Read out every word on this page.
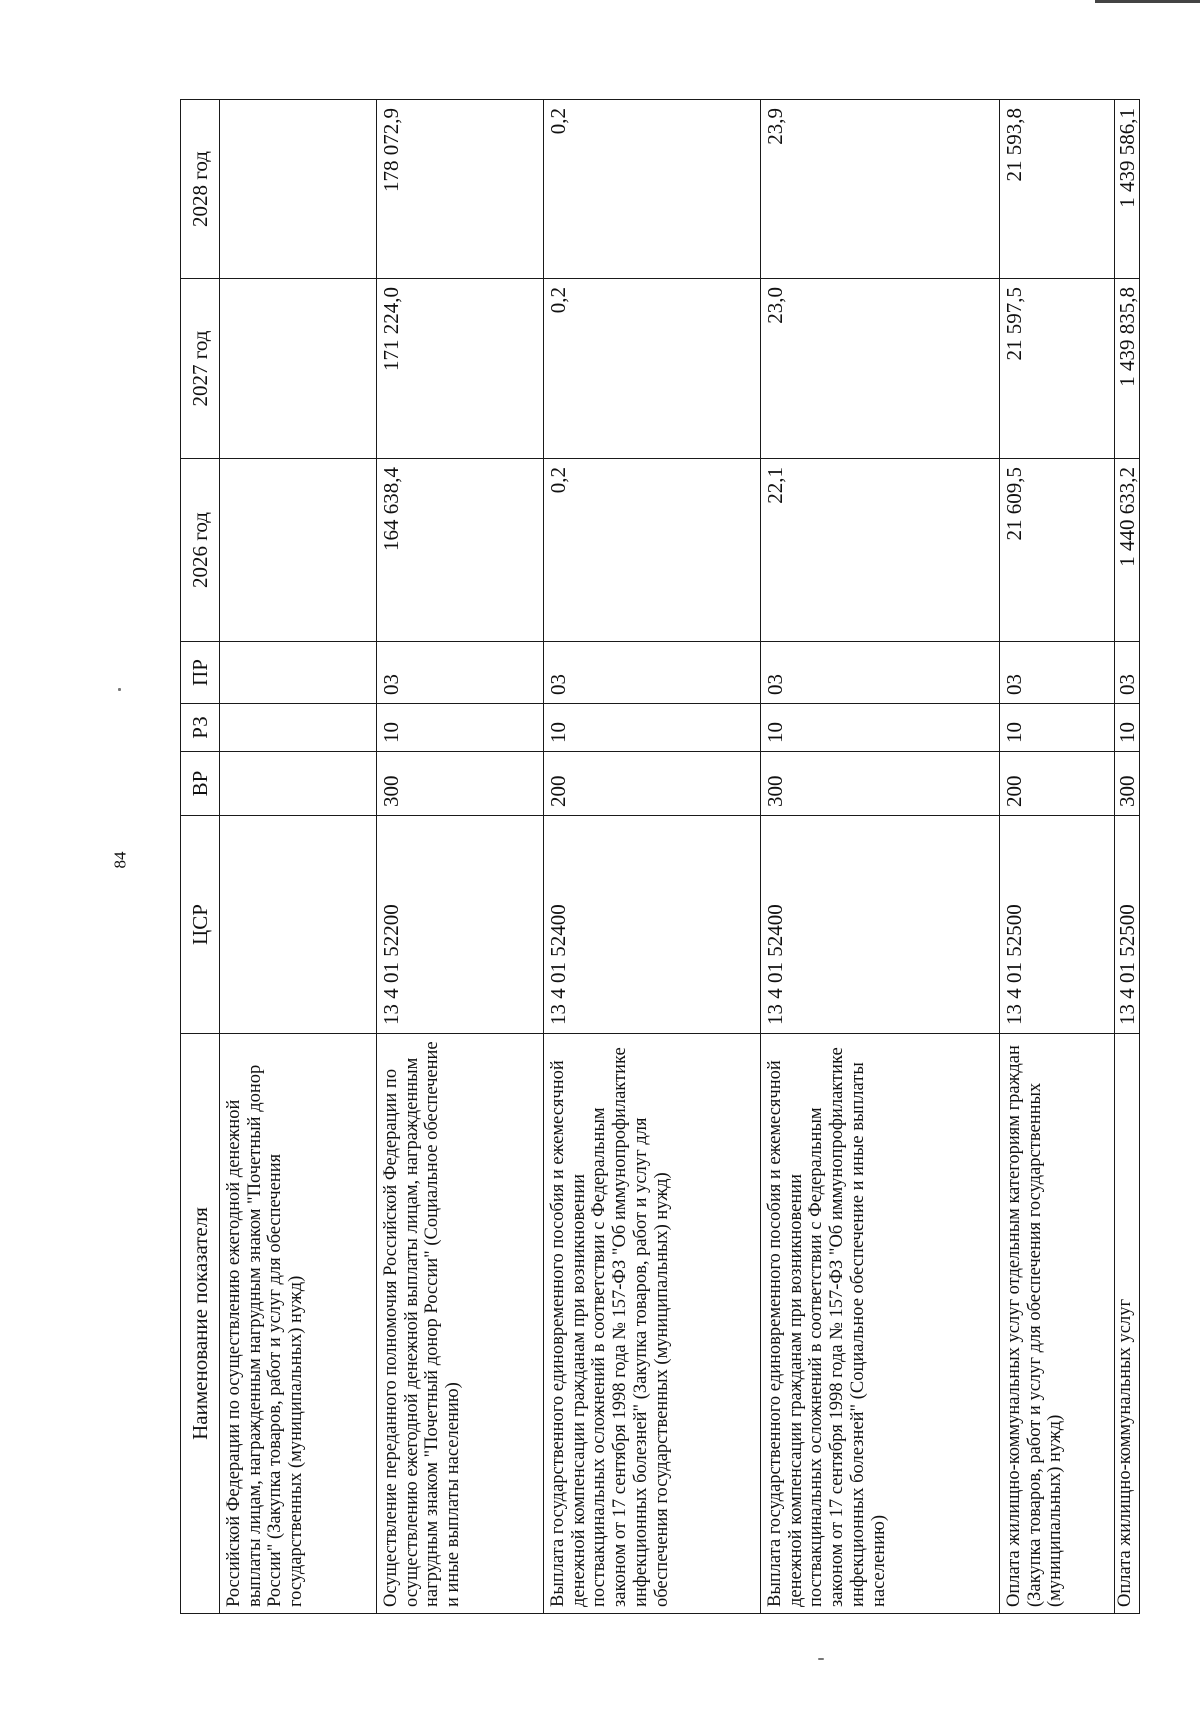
84
Наименование показателя	ЦСР	ВР	РЗ	ПР	2026 год	2027 год	2028 год
Российской Федерации по осуществлению ежегодной денежной выплаты лицам, награжденным нагрудным знаком "Почетный донор России" (Закупка товаров, работ и услуг для обеспечения государственных (муниципальных) нужд)							
Осуществление переданного полномочия Российской Федерации по осуществлению ежегодной денежной выплаты лицам, награжденным нагрудным знаком "Почетный донор России" (Социальное обеспечение и иные выплаты населению)	13 4 01 52200	300	10	03	164 638,4	171 224,0	178 072,9
Выплата государственного единовременного пособия и ежемесячной денежной компенсации гражданам при возникновении поствакцинальных осложнений в соответствии с Федеральным законом от 17 сентября 1998 года № 157-ФЗ "Об иммунопрофилактике инфекционных болезней" (Закупка товаров, работ и услуг для обеспечения государственных (муниципальных) нужд)	13 4 01 52400	200	10	03	0,2	0,2	0,2
Выплата государственного единовременного пособия и ежемесячной денежной компенсации гражданам при возникновении поствакцинальных осложнений в соответствии с Федеральным законом от 17 сентября 1998 года № 157-ФЗ "Об иммунопрофилактике инфекционных болезней" (Социальное обеспечение и иные выплаты населению)	13 4 01 52400	300	10	03	22,1	23,0	23,9
Оплата жилищно-коммунальных услуг отдельным категориям граждан (Закупка товаров, работ и услуг для обеспечения государственных (муниципальных) нужд)	13 4 01 52500	200	10	03	21 609,5	21 597,5	21 593,8
Оплата жилищно-коммунальных услуг	13 4 01 52500	300	10	03	1 440 633,2	1 439 835,8	1 439 586,1
